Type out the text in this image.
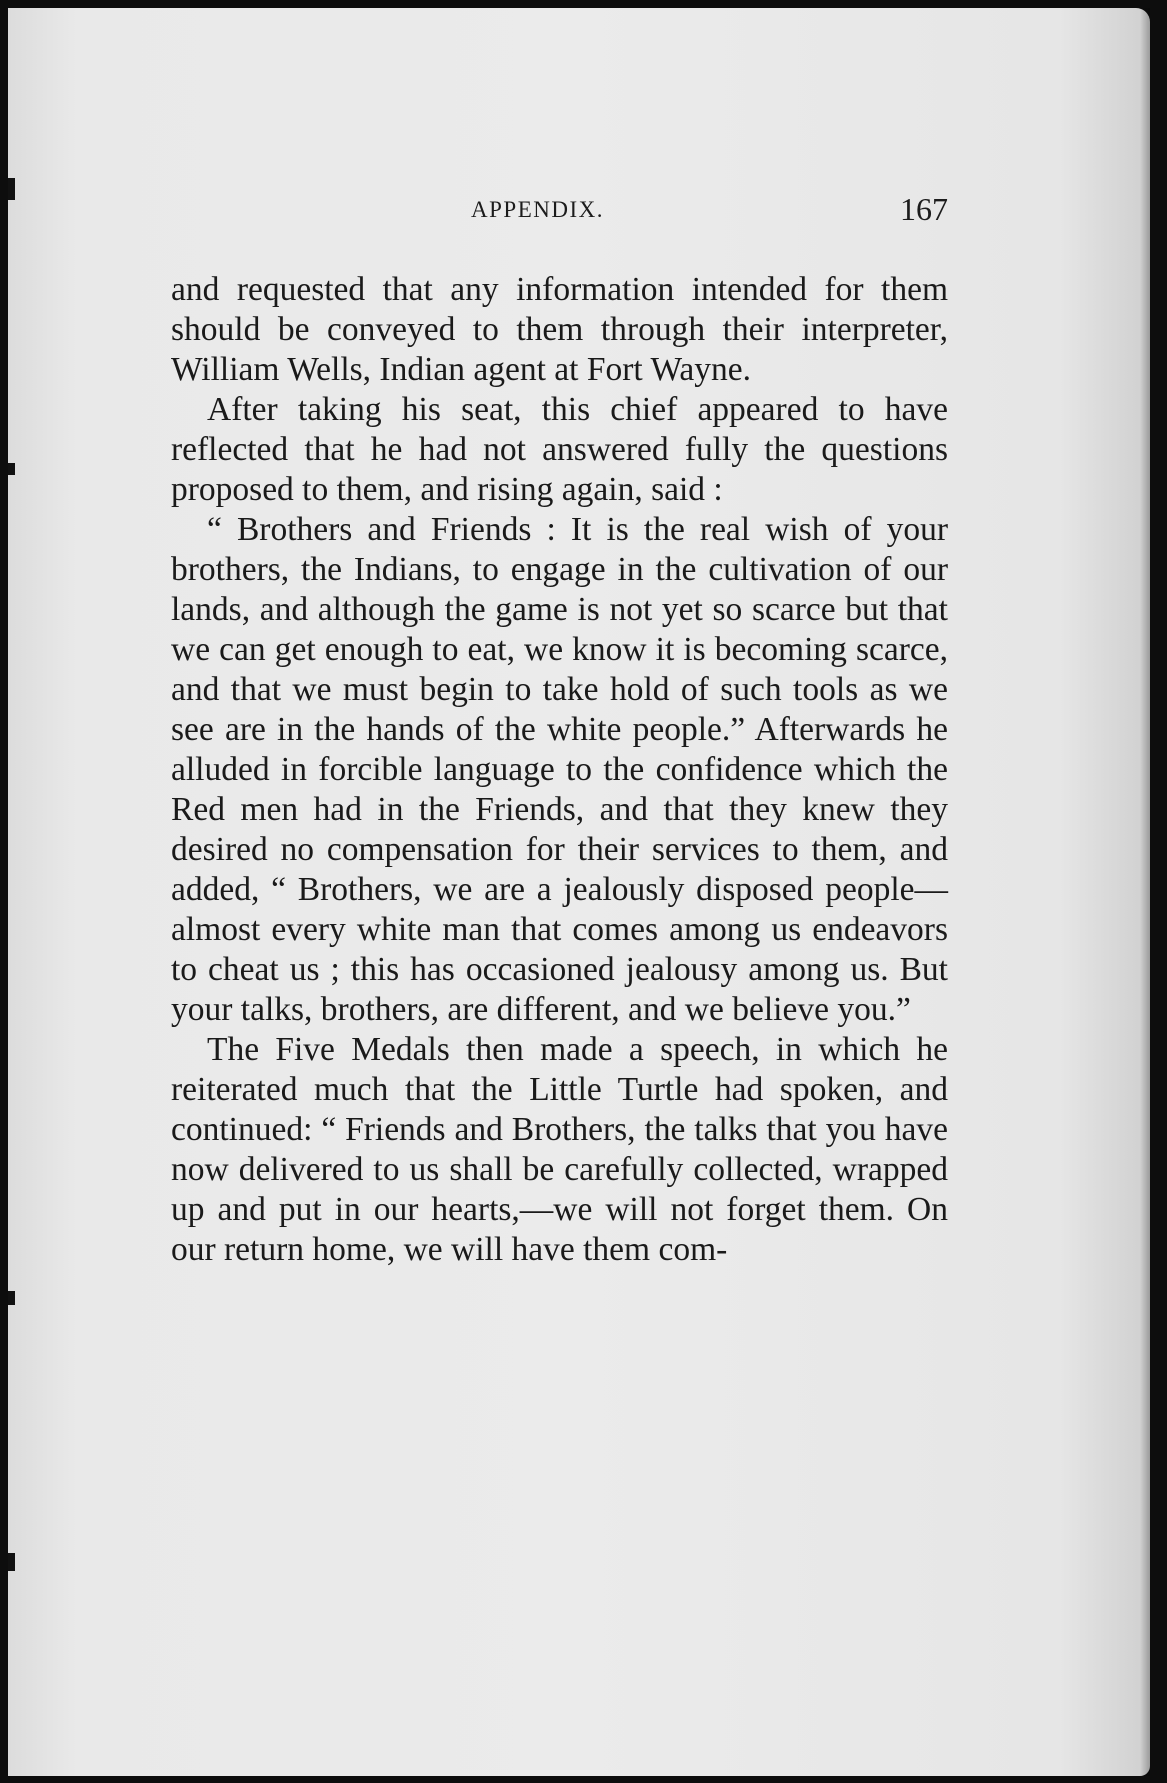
APPENDIX.	167

and requested that any information intended for them should be conveyed to them through their interpreter, William Wells, Indian agent at Fort Wayne.

After taking his seat, this chief appeared to have reflected that he had not answered fully the questions proposed to them, and rising again, said :

“ Brothers and Friends : It is the real wish of your brothers, the Indians, to engage in the cultivation of our lands, and although the game is not yet so scarce but that we can get enough to eat, we know it is becoming scarce, and that we must begin to take hold of such tools as we see are in the hands of the white people.” Afterwards he alluded in forcible language to the confidence which the Red men had in the Friends, and that they knew they desired no compensation for their services to them, and added, “ Brothers, we are a jealously disposed people—almost every white man that comes among us endeavors to cheat us ; this has occasioned jealousy among us. But your talks, brothers, are different, and we believe you.”

The Five Medals then made a speech, in which he reiterated much that the Little Turtle had spoken, and continued: “ Friends and Brothers, the talks that you have now delivered to us shall be carefully collected, wrapped up and put in our hearts,—we will not forget them. On our return home, we will have them com-
